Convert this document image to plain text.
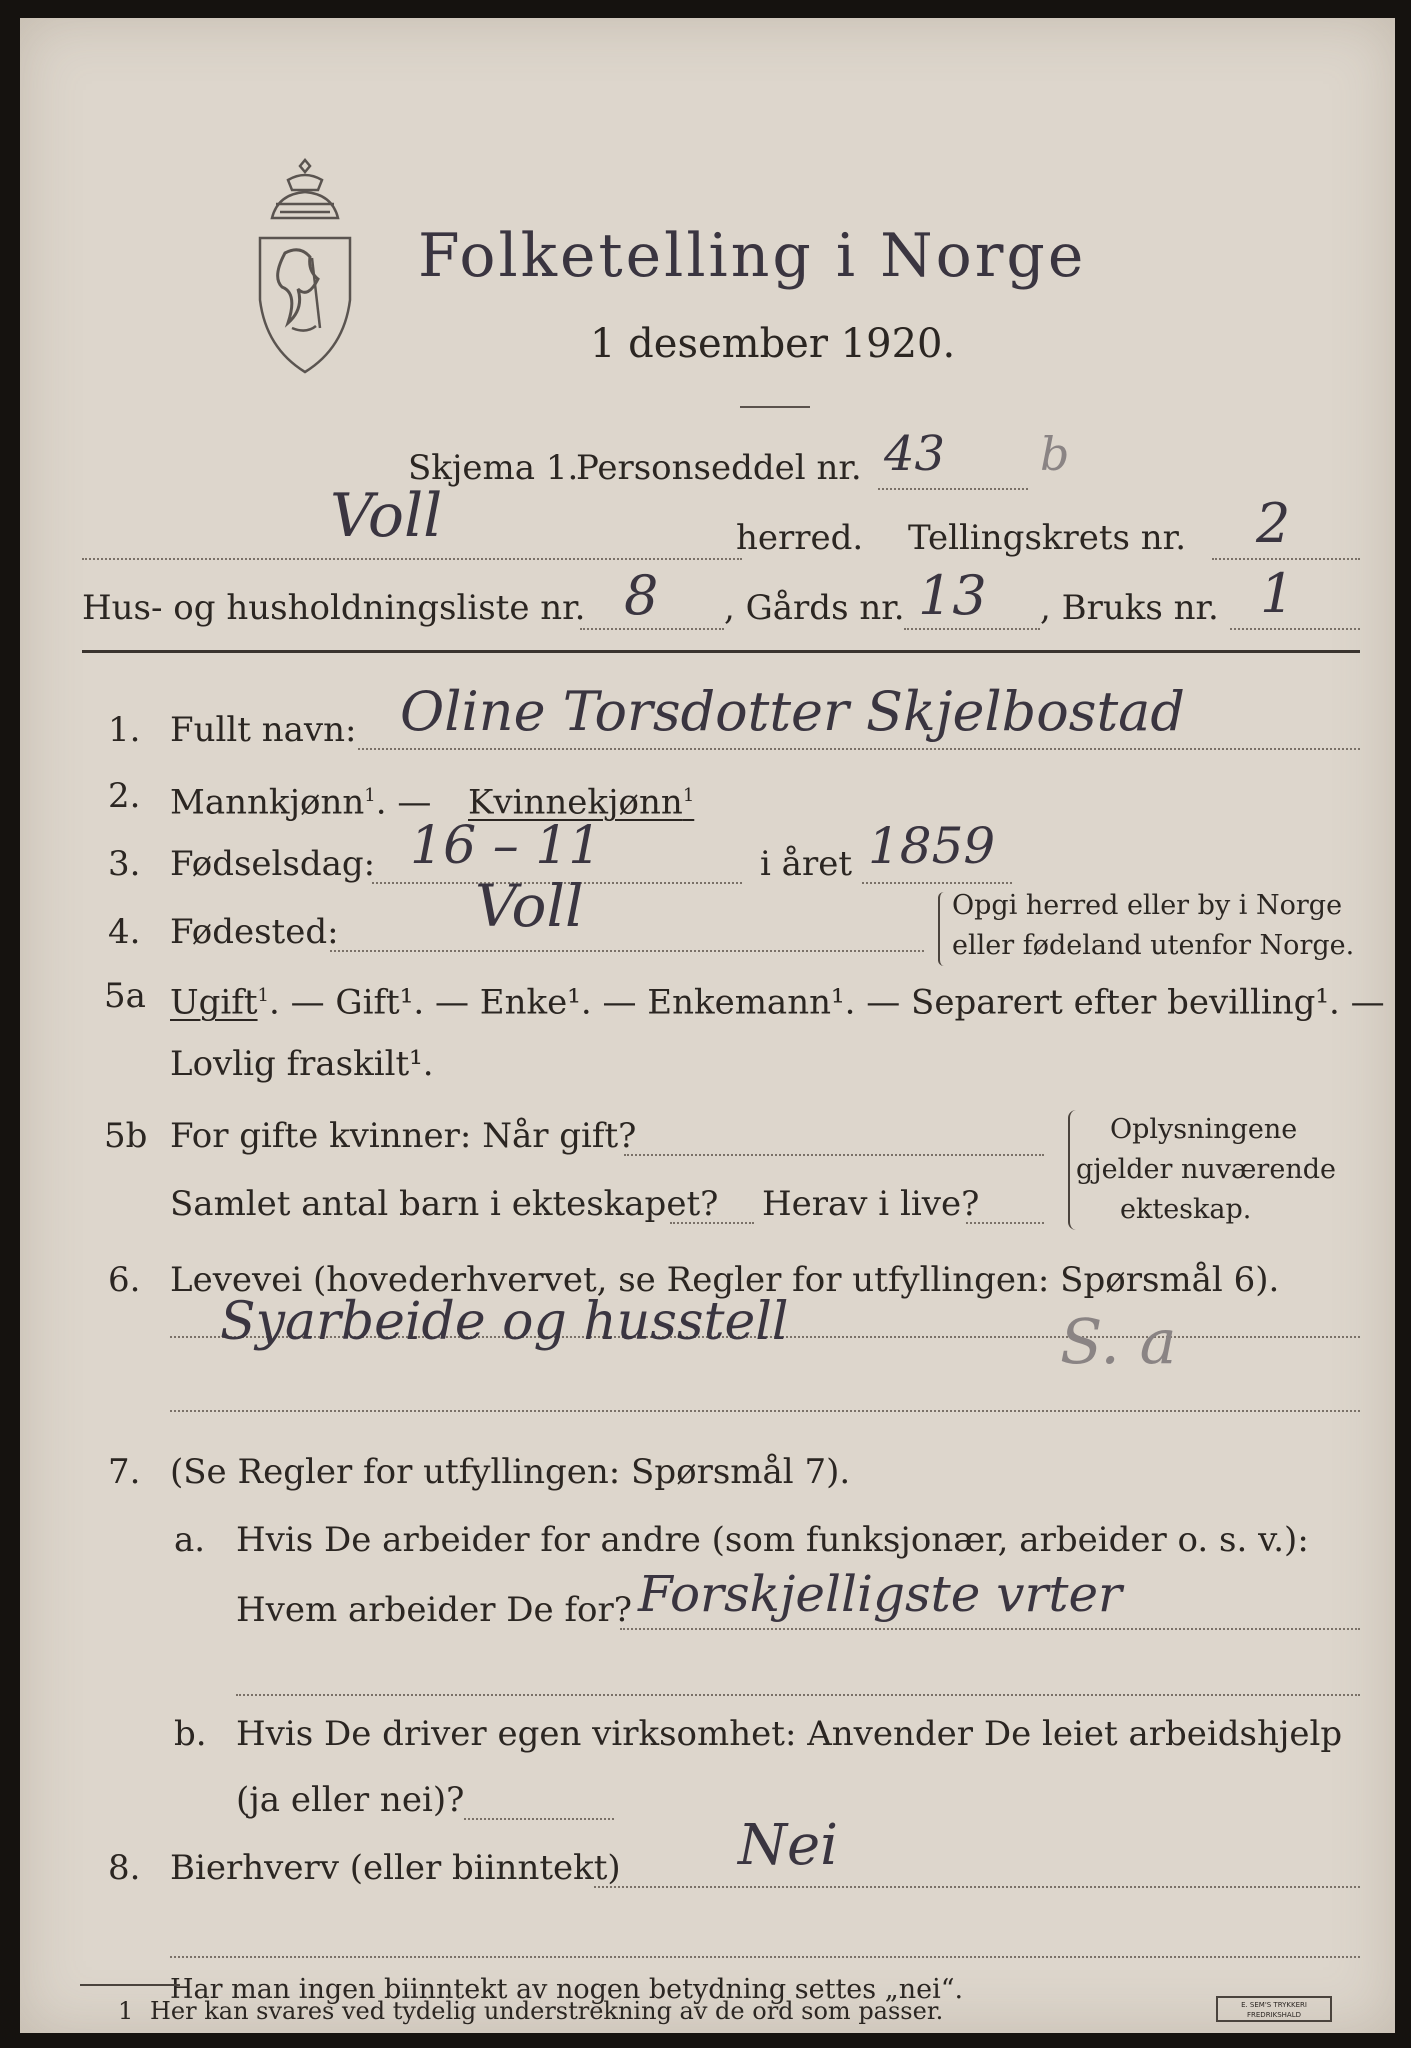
Folketelling i Norge
1 desember 1920.
Skjema 1.
Personseddel nr. 43 b
Voll	herred. Tellingskrets nr. 2
Hus- og husholdningsliste nr. 8 , Gårds nr. 13 , Bruks nr. 1
1. Fullt navn: Oline Torsdotter Skjelbostad
2. Mannkjønn$^1$. — Kvinnekjønn$^1$
3. Fødselsdag: 16 – 11	i året 1859
4. Fødested: Voll	Opgi herred eller by i Norge
eller fødeland utenfor Norge.
5a Ugift$^1$. — Gift¹. — Enke¹. — Enkemann¹. — Separert efter bevilling¹. —
Lovlig fraskilt¹.
5b For gifte kvinner: Når gift?
Samlet antal barn i ekteskapet? Herav i live?
Oplysningene
gjelder nuværende
ekteskap.
6. Levevei (hovederhvervet, se Regler for utfyllingen: Spørsmål 6).
Syarbeide og husstell	S. a
7. (Se Regler for utfyllingen: Spørsmål 7).
a. Hvis De arbeider for andre (som funksjonær, arbeider o. s. v.):
Hvem arbeider De for? Forskjelligste vrter
b. Hvis De driver egen virksomhet: Anvender De leiet arbeidshjelp
(ja eller nei)?
8. Bierhverv (eller biinntekt) Nei
Har man ingen biinntekt av nogen betydning settes „nei“.
1 Her kan svares ved tydelig understrekning av de ord som passer.	E. SEM'S TRYKKERI
FREDRIKSHALD
